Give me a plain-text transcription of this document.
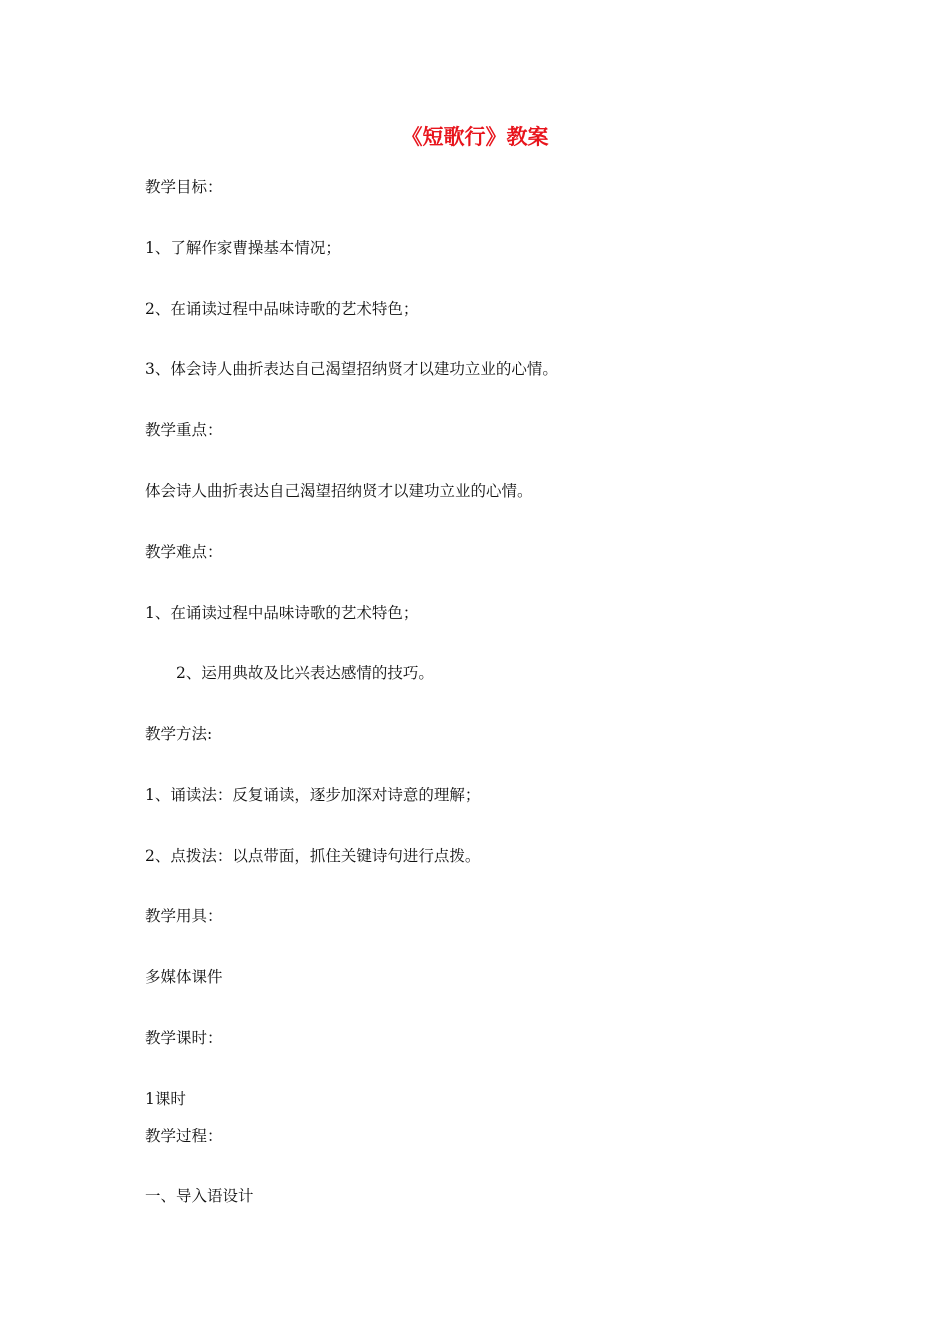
《短歌行》教案

教学目标：

1、了解作家曹操基本情况；

2、在诵读过程中品味诗歌的艺术特色；

3、体会诗人曲折表达自己渴望招纳贤才以建功立业的心情。

教学重点：

体会诗人曲折表达自己渴望招纳贤才以建功立业的心情。

教学难点：

1、在诵读过程中品味诗歌的艺术特色；

2、运用典故及比兴表达感情的技巧。

教学方法:

1、诵读法：反复诵读，逐步加深对诗意的理解；

2、点拨法：以点带面，抓住关键诗句进行点拨。

教学用具：

多媒体课件

教学课时：

1课时

教学过程：

一、导入语设计
